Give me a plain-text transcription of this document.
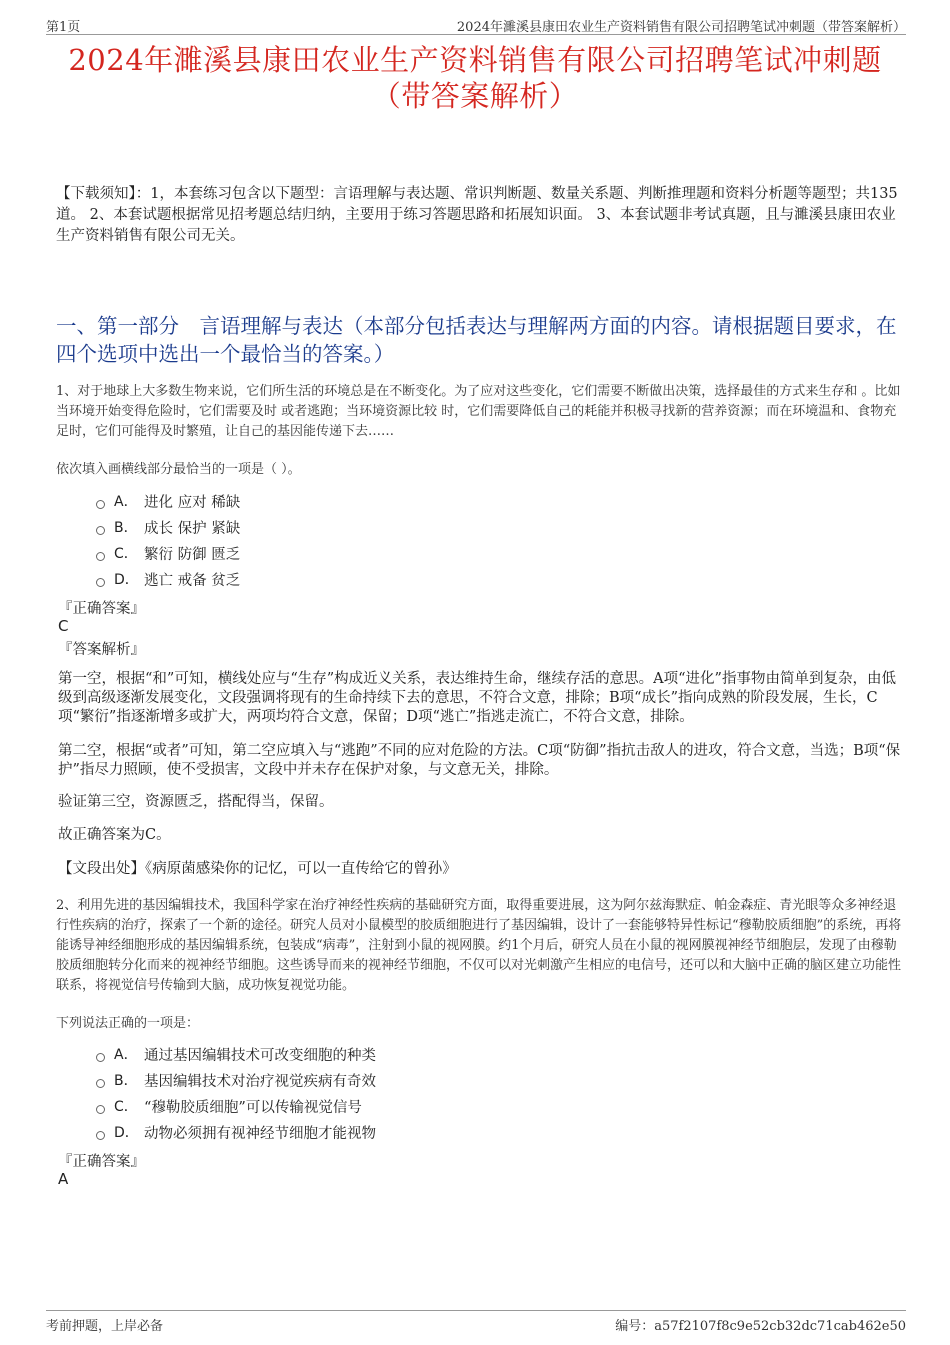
第1页	2024年濉溪县康田农业生产资料销售有限公司招聘笔试冲刺题（带答案解析）
2024年濉溪县康田农业生产资料销售有限公司招聘笔试冲刺题
（带答案解析）
【下载须知】：1，本套练习包含以下题型：言语理解与表达题、常识判断题、数量关系题、判断推理题和资料分析题等题型；共135道。 2、本套试题根据常见招考题总结归纳，主要用于练习答题思路和拓展知识面。 3、本套试题非考试真题，且与濉溪县康田农业生产资料销售有限公司无关。
一、第一部分　言语理解与表达（本部分包括表达与理解两方面的内容。请根据题目要求，在四个选项中选出一个最恰当的答案。）
1、对于地球上大多数生物来说，它们所生活的环境总是在不断变化。为了应对这些变化，它们需要不断做出决策，选择最佳的方式来生存和 。比如当环境开始变得危险时，它们需要及时 或者逃跑；当环境资源比较 时，它们需要降低自己的耗能并积极寻找新的营养资源；而在环境温和、食物充足时，它们可能得及时繁殖，让自己的基因能传递下去……
依次填入画横线部分最恰当的一项是（ ）。
A． 进化 应对 稀缺
B． 成长 保护 紧缺
C． 繁衍 防御 匮乏
D． 逃亡 戒备 贫乏
『正确答案』
C
『答案解析』

第一空，根据“和”可知，横线处应与“生存”构成近义关系，表达维持生命，继续存活的意思。A项“进化”指事物由简单到复杂，由低级到高级逐渐发展变化，文段强调将现有的生命持续下去的意思，不符合文意，排除；B项“成长”指向成熟的阶段发展，生长，C项“繁衍”指逐渐增多或扩大，两项均符合文意，保留；D项“逃亡”指逃走流亡，不符合文意，排除。

第二空，根据“或者”可知，第二空应填入与“逃跑”不同的应对危险的方法。C项“防御”指抗击敌人的进攻，符合文意，当选；B项“保护”指尽力照顾，使不受损害，文段中并未存在保护对象，与文意无关，排除。

验证第三空，资源匮乏，搭配得当，保留。

故正确答案为C。

【文段出处】《病原菌感染你的记忆，可以一直传给它的曾孙》

2、利用先进的基因编辑技术，我国科学家在治疗神经性疾病的基础研究方面，取得重要进展，这为阿尔兹海默症、帕金森症、青光眼等众多神经退行性疾病的治疗，探索了一个新的途径。研究人员对小鼠模型的胶质细胞进行了基因编辑，设计了一套能够特异性标记“穆勒胶质细胞”的系统，再将能诱导神经细胞形成的基因编辑系统，包装成“病毒”，注射到小鼠的视网膜。约1个月后，研究人员在小鼠的视网膜视神经节细胞层，发现了由穆勒胶质细胞转分化而来的视神经节细胞。这些诱导而来的视神经节细胞，不仅可以对光刺激产生相应的电信号，还可以和大脑中正确的脑区建立功能性联系，将视觉信号传输到大脑，成功恢复视觉功能。
下列说法正确的一项是：
A． 通过基因编辑技术可改变细胞的种类
B． 基因编辑技术对治疗视觉疾病有奇效
C． “穆勒胶质细胞”可以传输视觉信号
D． 动物必须拥有视神经节细胞才能视物
『正确答案』
A
考前押题，上岸必备	编号：a57f2107f8c9e52cb32dc71cab462e50
